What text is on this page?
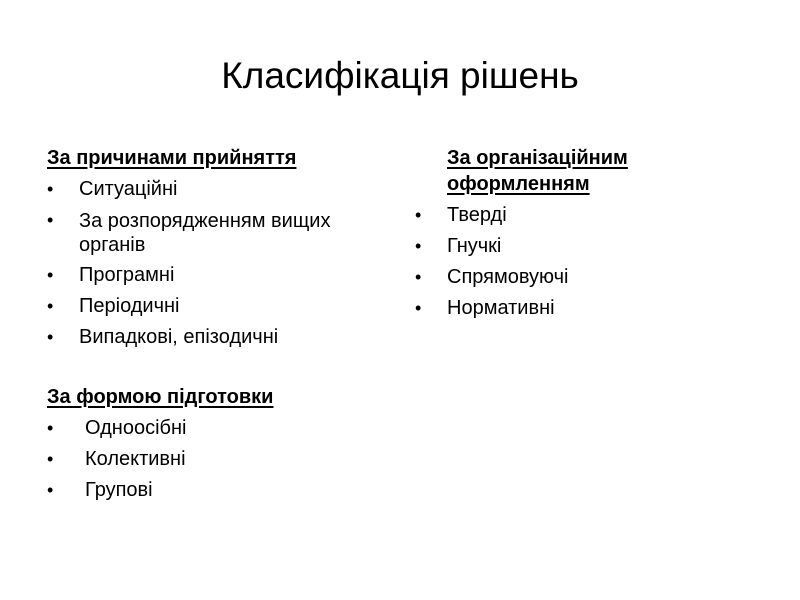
Класифікація рішень
За причинами прийняття
•	Ситуаційні
•	За розпорядженням вищих органів
•	Програмні
•	Періодичні
•	Випадкові, епізодичні
За формою підготовки
•	Одноосібні
•	Колективні
•	Групові
За організаційним оформленням
•	Тверді
•	Гнучкі
•	Спрямовуючі
•	Нормативні
